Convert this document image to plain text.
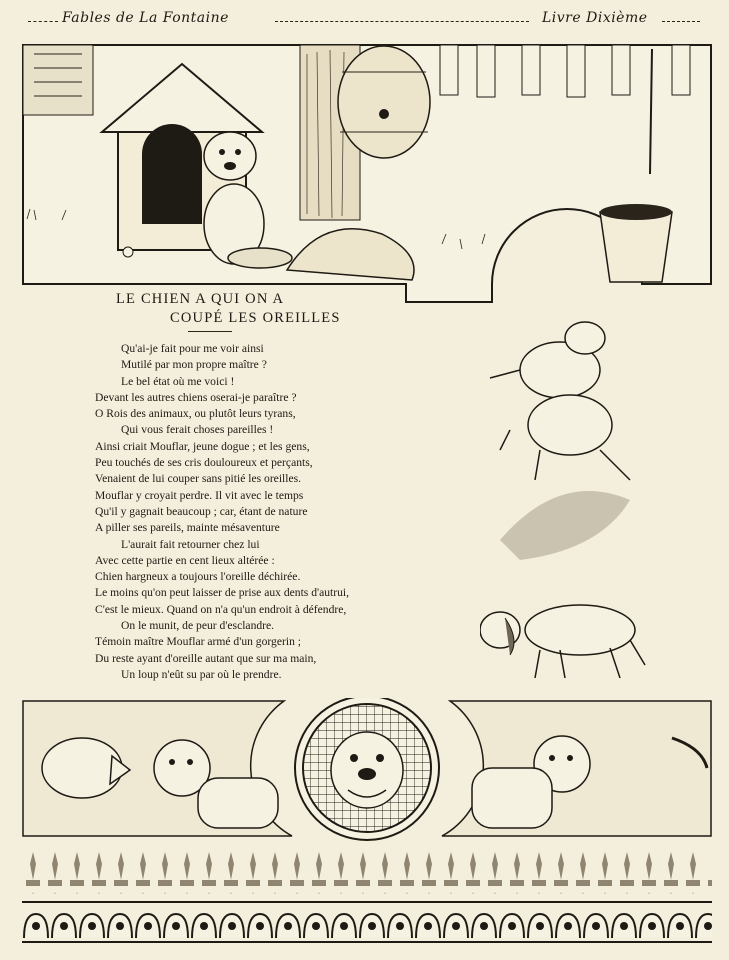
Fables de La Fontaine	Livre Dixième
LE CHIEN A QUI ON A
COUPÉ LES OREILLES
Qu'ai-je fait pour me voir ainsi
Mutilé par mon propre maître ?
Le bel état où me voici !
Devant les autres chiens oserai-je paraître ?
O Rois des animaux, ou plutôt leurs tyrans,
Qui vous ferait choses pareilles !
Ainsi criait Mouflar, jeune dogue ; et les gens,
Peu touchés de ses cris douloureux et perçants,
Venaient de lui couper sans pitié les oreilles.
Mouflar y croyait perdre. Il vit avec le temps
Qu'il y gagnait beaucoup ; car, étant de nature
A piller ses pareils, mainte mésaventure
L'aurait fait retourner chez lui
Avec cette partie en cent lieux altérée :
Chien hargneux a toujours l'oreille déchirée.
Le moins qu'on peut laisser de prise aux dents d'autrui,
C'est le mieux. Quand on n'a qu'un endroit à défendre,
On le munit, de peur d'esclandre.
Témoin maître Mouflar armé d'un gorgerin ;
Du reste ayant d'oreille autant que sur ma main,
Un loup n'eût su par où le prendre.
